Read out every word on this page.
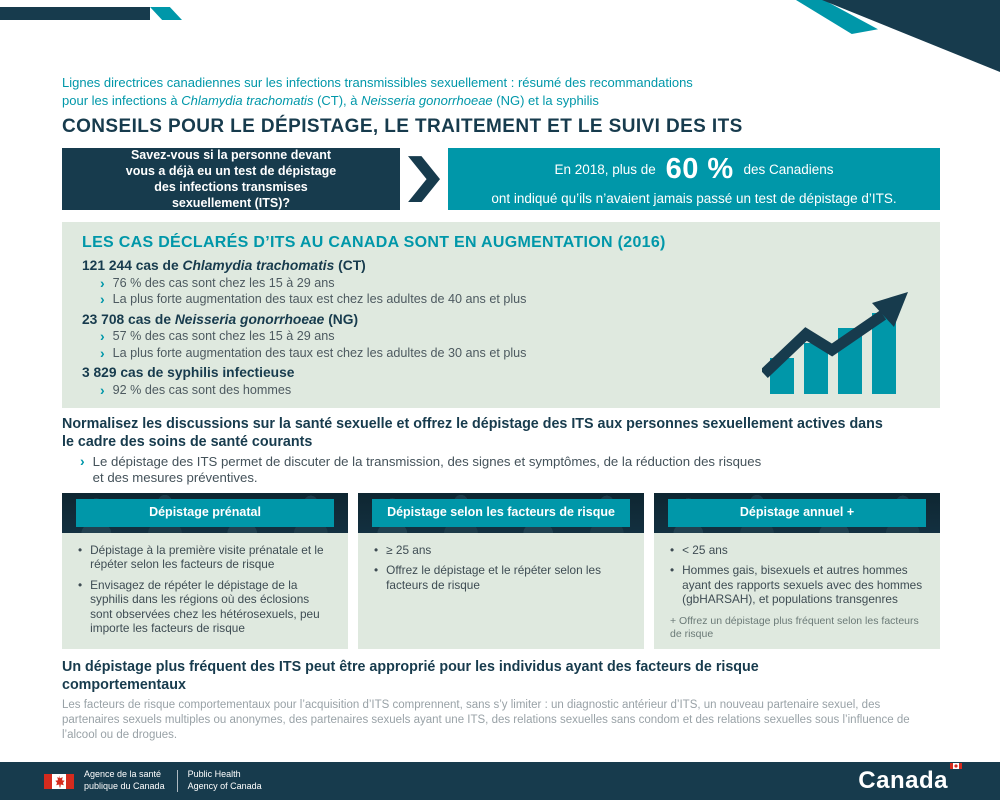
Lignes directrices canadiennes sur les infections transmissibles sexuellement : résumé des recommandations
pour les infections à Chlamydia trachomatis (CT), à Neisseria gonorrhoeae (NG) et la syphilis

CONSEILS POUR LE DÉPISTAGE, LE TRAITEMENT ET LE SUIVI DES ITS

Savez-vous si la personne devant vous a déjà eu un test de dépistage des infections transmises sexuellement (ITS)?

En 2018, plus de 60 % des Canadiens
ont indiqué qu’ils n’avaient jamais passé un test de dépistage d’ITS.

LES CAS DÉCLARÉS D’ITS AU CANADA SONT EN AUGMENTATION (2016)

121 244 cas de Chlamydia trachomatis (CT)

› 76 % des cas sont chez les 15 à 29 ans
› La plus forte augmentation des taux est chez les adultes de 40 ans et plus

23 708 cas de Neisseria gonorrhoeae (NG)

› 57 % des cas sont chez les 15 à 29 ans
› La plus forte augmentation des taux est chez les adultes de 30 ans et plus

3 829 cas de syphilis infectieuse

› 92 % des cas sont des hommes
Normalisez les discussions sur la santé sexuelle et offrez le dépistage des ITS aux personnes sexuellement actives dans le cadre des soins de santé courants
› Le dépistage des ITS permet de discuter de la transmission, des signes et symptômes, de la réduction des risques et des mesures préventives.
Dépistage prénatal
• Dépistage à la première visite prénatale et le répéter selon les facteurs de risque
• Envisagez de répéter le dépistage de la syphilis dans les régions où des éclosions sont observées chez les hétérosexuels, peu importe les facteurs de risque
Dépistage selon les facteurs de risque
• ≥ 25 ans
• Offrez le dépistage et le répéter selon les facteurs de risque
Dépistage annuel +
• < 25 ans
• Hommes gais, bisexuels et autres hommes ayant des rapports sexuels avec des hommes (gbHARSAH), et populations transgenres

+ Offrez un dépistage plus fréquent selon les facteurs de risque

Un dépistage plus fréquent des ITS peut être approprié pour les individus ayant des facteurs de risque comportementaux

Les facteurs de risque comportementaux pour l’acquisition d’ITS comprennent, sans s’y limiter : un diagnostic antérieur d’ITS, un nouveau partenaire sexuel, des partenaires sexuels multiples ou anonymes, des partenaires sexuels ayant une ITS, des relations sexuelles sans condom et des relations sexuelles sous l’influence de l’alcool ou de drogues.

Agence de la santé
publique du Canada
Public Health
Agency of Canada	Canada
